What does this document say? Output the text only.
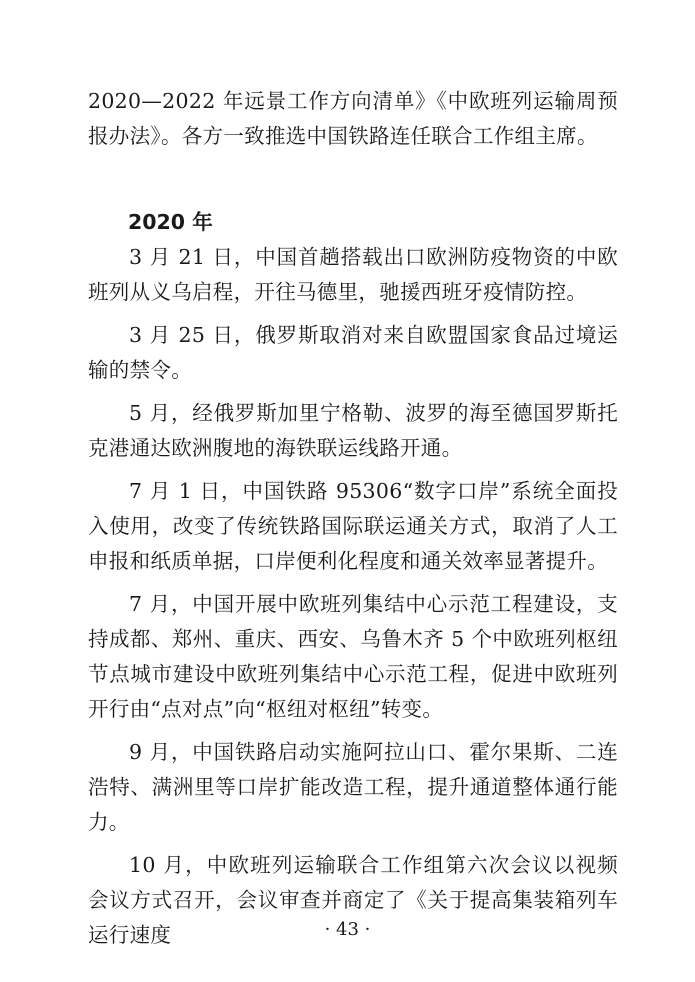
2020—2022 年远景工作方向清单》《中欧班列运输周预报办法》。各方一致推选中国铁路连任联合工作组主席。

2020 年

3 月 21 日，中国首趟搭载出口欧洲防疫物资的中欧班列从义乌启程，开往马德里，驰援西班牙疫情防控。

3 月 25 日，俄罗斯取消对来自欧盟国家食品过境运输的禁令。

5 月，经俄罗斯加里宁格勒、波罗的海至德国罗斯托克港通达欧洲腹地的海铁联运线路开通。

7 月 1 日，中国铁路 95306“数字口岸”系统全面投入使用，改变了传统铁路国际联运通关方式，取消了人工申报和纸质单据，口岸便利化程度和通关效率显著提升。

7 月，中国开展中欧班列集结中心示范工程建设，支持成都、郑州、重庆、西安、乌鲁木齐 5 个中欧班列枢纽节点城市建设中欧班列集结中心示范工程，促进中欧班列开行由“点对点”向“枢纽对枢纽”转变。

9 月，中国铁路启动实施阿拉山口、霍尔果斯、二连浩特、满洲里等口岸扩能改造工程，提升通道整体通行能力。

10 月，中欧班列运输联合工作组第六次会议以视频会议方式召开，会议审查并商定了《关于提高集装箱列车运行速度	· 43 ·
